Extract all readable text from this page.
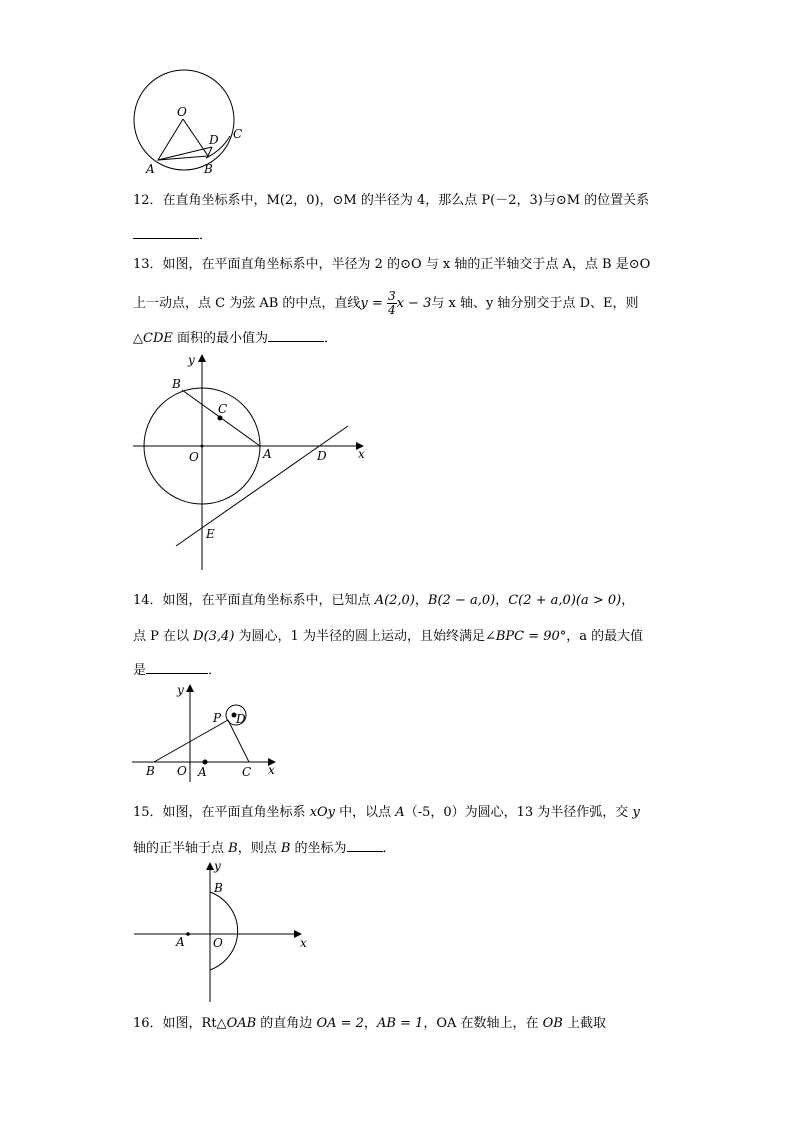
O
D C
A	B
12．在直角坐标系中，M(2，0)，⊙M 的半径为 4，那么点 P(－2，3)与⊙M 的位置关系
．
13．如图，在平面直角坐标系中，半径为 2 的⊙O 与 x 轴的正半轴交于点 A，点 B 是⊙O
上一动点，点 C 为弦 AB 的中点，直线$y = \frac{3}{4}$ x − 3与 x 轴、y 轴分别交于点 D、E，则
△CDE 面积的最小值为	．
y
B
C
O	A	D	x
E
14．如图，在平面直角坐标系中，已知点 A(2,0)，B(2 − a,0)，C(2 + a,0)(a > 0)，
点 P 在以 D(3,4) 为圆心，1 为半径的圆上运动，且始终满足∠BPC = 90°，a 的最大值
是	．
y
P D
B O A	C x
15．如图，在平面直角坐标系 xOy 中，以点 A（-5，0）为圆心，13 为半径作弧，交 y
轴的正半轴于点 B，则点 B 的坐标为	．
y
B
A O	x
16．如图，Rt△OAB 的直角边 OA = 2，AB = 1，OA 在数轴上，在 OB 上截取
